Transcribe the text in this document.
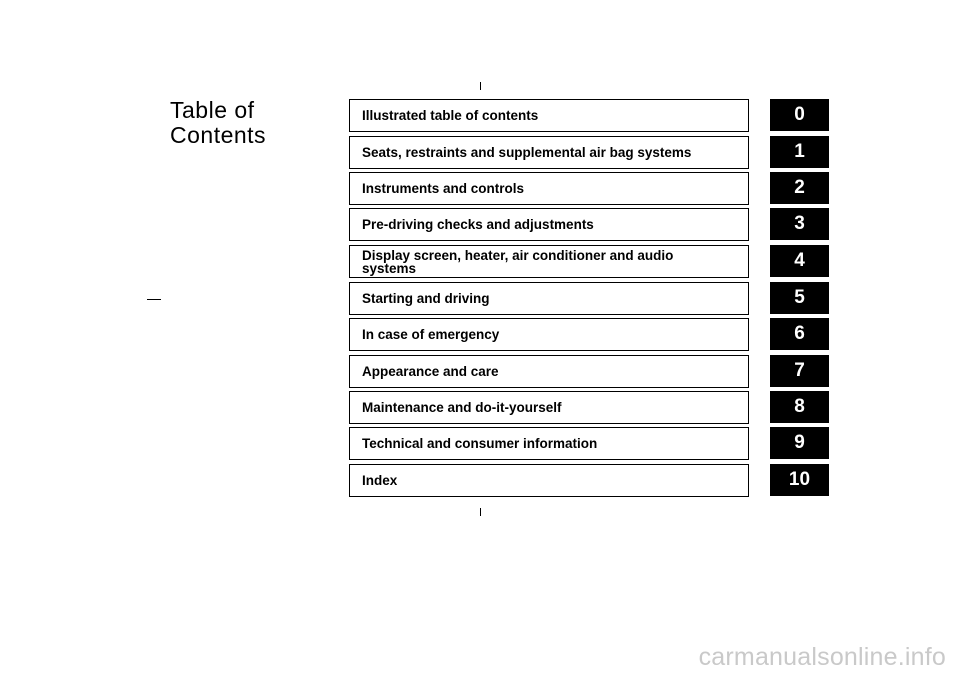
Table of
Contents
Illustrated table of contents	0
Seats, restraints and supplemental air bag systems	1
Instruments and controls	2
Pre-driving checks and adjustments	3
Display screen, heater, air conditioner and audio systems	4
Starting and driving	5
In case of emergency	6
Appearance and care	7
Maintenance and do-it-yourself	8
Technical and consumer information	9
Index	10
carmanualsonline.info
